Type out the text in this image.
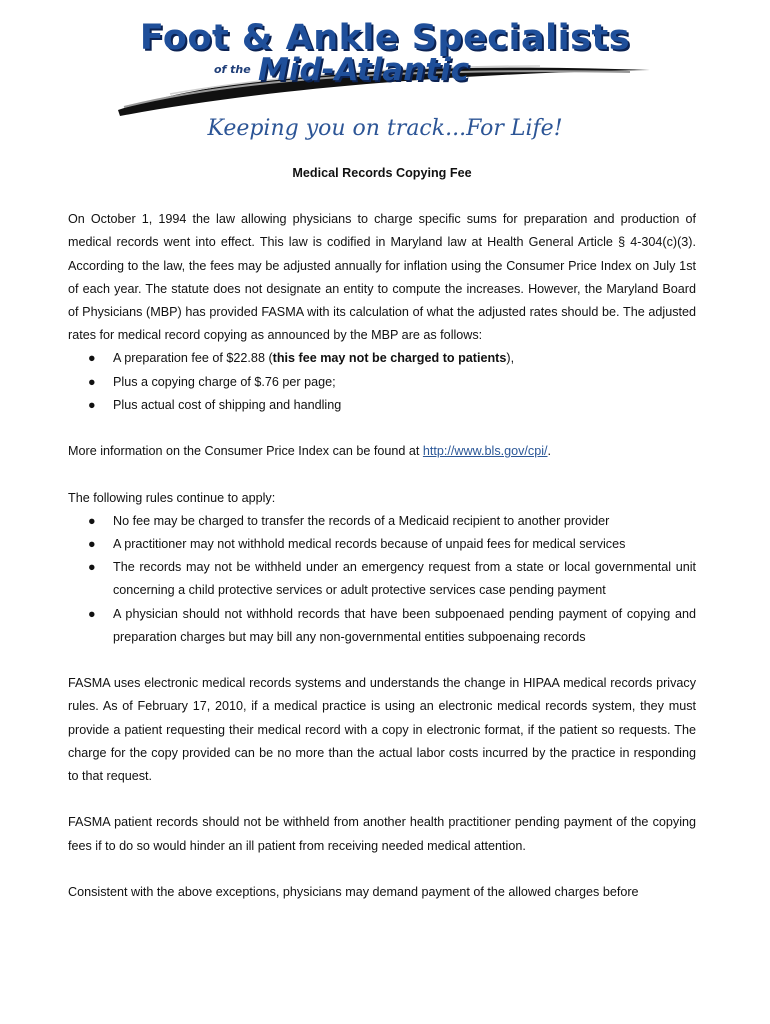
Foot & Ankle Specialists
of the Mid-Atlantic
Keeping you on track...For Life!
Medical Records Copying Fee

On October 1, 1994 the law allowing physicians to charge specific sums for preparation and production of medical records went into effect. This law is codified in Maryland law at Health General Article § 4-304(c)(3). According to the law, the fees may be adjusted annually for inflation using the Consumer Price Index on July 1st of each year. The statute does not designate an entity to compute the increases. However, the Maryland Board of Physicians (MBP) has provided FASMA with its calculation of what the adjusted rates should be. The adjusted rates for medical record copying as announced by the MBP are as follows:

● A preparation fee of $22.88 (this fee may not be charged to patients),
● Plus a copying charge of $.76 per page;
● Plus actual cost of shipping and handling

More information on the Consumer Price Index can be found at http://www.bls.gov/cpi/.

The following rules continue to apply:

● No fee may be charged to transfer the records of a Medicaid recipient to another provider
● A practitioner may not withhold medical records because of unpaid fees for medical services
● The records may not be withheld under an emergency request from a state or local governmental unit concerning a child protective services or adult protective services case pending payment
● A physician should not withhold records that have been subpoenaed pending payment of copying and preparation charges but may bill any non-governmental entities subpoenaing records

FASMA uses electronic medical records systems and understands the change in HIPAA medical records privacy rules. As of February 17, 2010, if a medical practice is using an electronic medical records system, they must provide a patient requesting their medical record with a copy in electronic format, if the patient so requests. The charge for the copy provided can be no more than the actual labor costs incurred by the practice in responding to that request.

FASMA patient records should not be withheld from another health practitioner pending payment of the copying fees if to do so would hinder an ill patient from receiving needed medical attention.

Consistent with the above exceptions, physicians may demand payment of the allowed charges before
